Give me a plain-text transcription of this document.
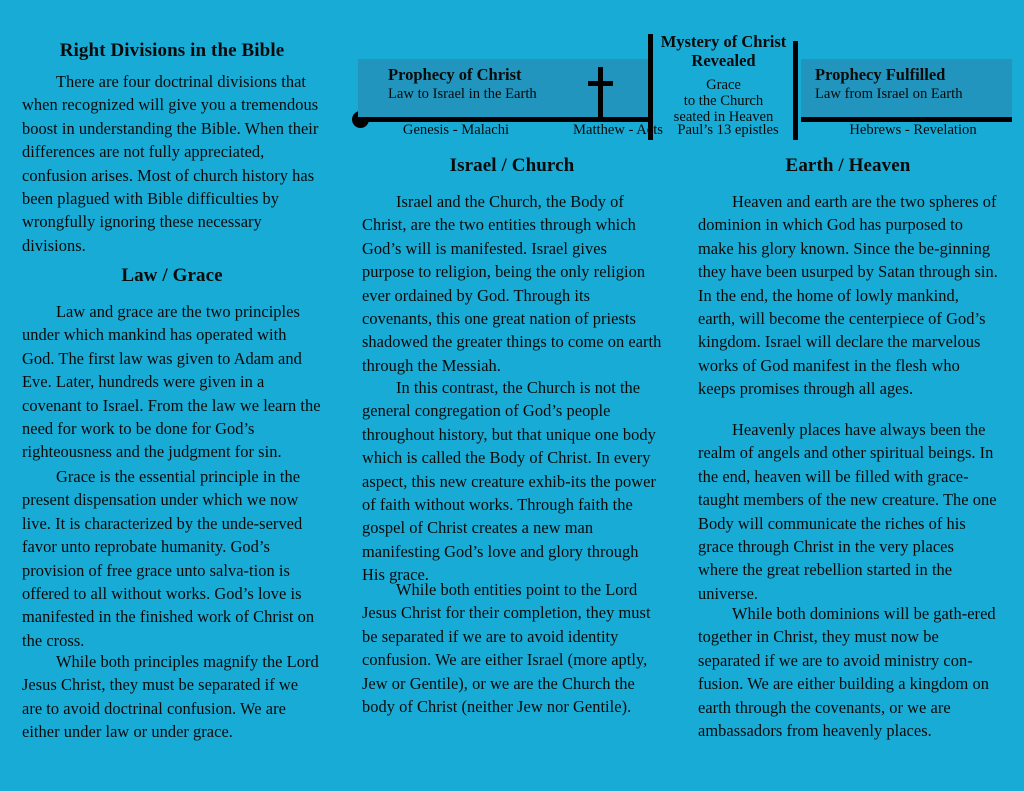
Right Divisions in the Bible

There are four doctrinal divisions that when recognized will give you a tremendous boost in understanding the Bible. When their differences are not fully appreciated, confusion arises. Most of church history has been plagued with Bible difficulties by wrongfully ignoring these necessary divisions.

Law / Grace

Law and grace are the two principles under which mankind has operated with God. The first law was given to Adam and Eve. Later, hundreds were given in a covenant to Israel. From the law we learn the need for work to be done for God’s righteousness and the judgment for sin.

Grace is the essential principle in the present dispensation under which we now live. It is characterized by the unde-served favor unto reprobate humanity. God’s provision of free grace unto salva-tion is offered to all without works. God’s love is manifested in the finished work of Christ on the cross.

While both principles magnify the Lord Jesus Christ, they must be separated if we are to avoid doctrinal confusion. We are either under law or under grace.

Israel / Church

Israel and the Church, the Body of Christ, are the two entities through which God’s will is manifested. Israel gives purpose to religion, being the only religion ever ordained by God. Through its covenants, this one great nation of priests shadowed the greater things to come on earth through the Messiah.

In this contrast, the Church is not the general congregation of God’s people throughout history, but that unique one body which is called the Body of Christ. In every aspect, this new creature exhib-its the power of faith without works. Through faith the gospel of Christ creates a new man manifesting God’s love and glory through His grace.

While both entities point to the Lord Jesus Christ for their completion, they must be separated if we are to avoid identity confusion. We are either Israel (more aptly, Jew or Gentile), or we are the Church the body of Christ (neither Jew nor Gentile).

Earth / Heaven

Heaven and earth are the two spheres of dominion in which God has purposed to make his glory known. Since the be-ginning they have been usurped by Satan through sin. In the end, the home of lowly mankind, earth, will become the centerpiece of God’s kingdom. Israel will declare the marvelous works of God manifest in the flesh who keeps promises through all ages.

Heavenly places have always been the realm of angels and other spiritual beings. In the end, heaven will be filled with grace-taught members of the new creature. The one Body will communicate the riches of his grace through Christ in the very places where the great rebellion started in the universe.

While both dominions will be gath-ered together in Christ, they must now be separated if we are to avoid ministry con-fusion. We are either building a kingdom on earth through the covenants, or we are ambassadors from heavenly places.

Prophecy of Christ

Law to Israel in the Earth

Mystery of Christ
Revealed

Grace
to the Church
seated in Heaven

Prophecy Fulfilled

Law from Israel on Earth

Genesis - Malachi	Matthew - Acts Paul’s 13 epistles	Hebrews - Revelation
